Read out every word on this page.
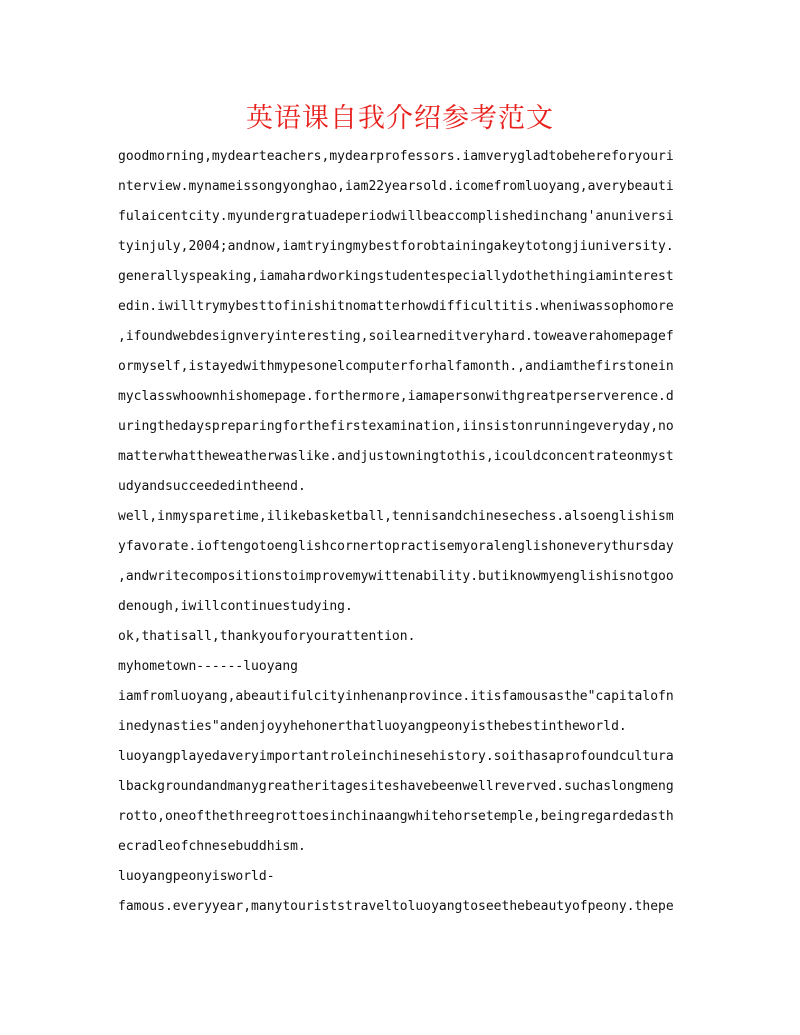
英语课自我介绍参考范文
goodmorning,mydearteachers,mydearprofessors.iamverygladtobehereforyouri
nterview.mynameissongyonghao,iam22yearsold.icomefromluoyang,averybeauti
fulaicentcity.myundergratuadeperiodwillbeaccomplishedinchang'anuniversi
tyinjuly,2004;andnow,iamtryingmybestforobtainingakeytotongjiuniversity.
generallyspeaking,iamahardworkingstudentespeciallydothethingiaminterest
edin.iwilltrymybesttofinishitnomatterhowdifficultitis.wheniwassophomore
,ifoundwebdesignveryinteresting,soilearneditveryhard.toweaverahomepagef
ormyself,istayedwithmypesonelcomputerforhalfamonth.,andiamthefirstonein
myclasswhoownhishomepage.forthermore,iamapersonwithgreatperserverence.d
uringthedayspreparingforthefirstexamination,iinsistonrunningeveryday,no
matterwhattheweatherwaslike.andjustowningtothis,icouldconcentrateonmyst
udyandsucceededintheend.
well,inmysparetime,ilikebasketball,tennisandchinesechess.alsoenglishism
yfavorate.ioftengotoenglishcornertopractisemyoralenglishoneverythursday
,andwritecompositionstoimprovemywittenability.butiknowmyenglishisnotgoo
denough,iwillcontinuestudying.
ok,thatisall,thankyouforyourattention.
myhometown------luoyang
iamfromluoyang,abeautifulcityinhenanprovince.itisfamousasthe"capitalofn
inedynasties"andenjoyyhehonerthatluoyangpeonyisthebestintheworld.
luoyangplayedaveryimportantroleinchinesehistory.soithasaprofoundcultura
lbackgroundandmanygreatheritagesiteshavebeenwellreverved.suchaslongmeng
rotto,oneofthethreegrottoesinchinaangwhitehorsetemple,beingregardedasth
ecradleofchnesebuddhism.
luoyangpeonyisworld-
famous.everyyear,manytouriststraveltoluoyangtoseethebeautyofpeony.thepe
